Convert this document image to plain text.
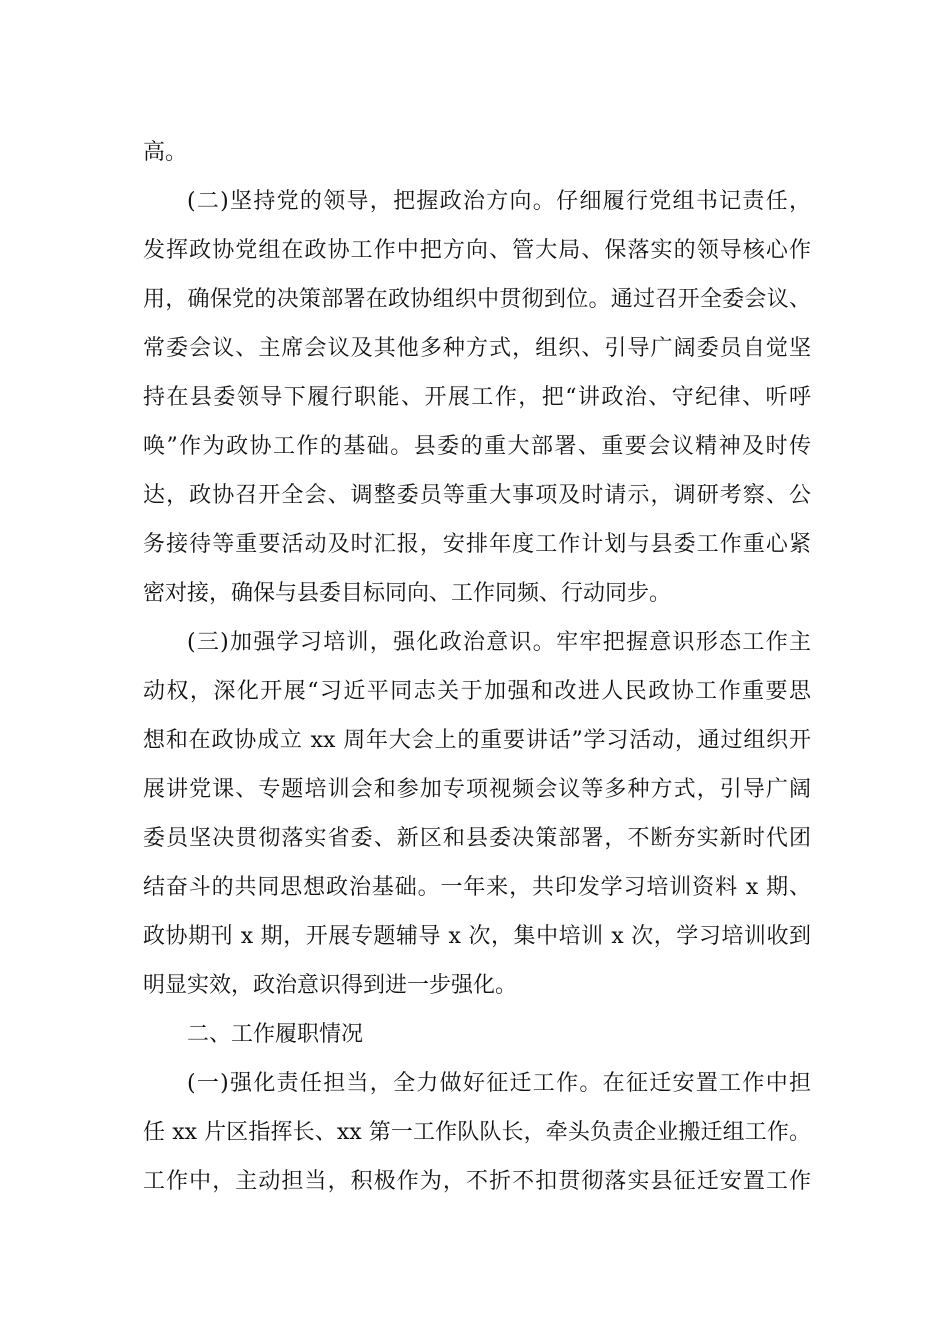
高。
(二)坚持党的领导，把握政治方向。仔细履行党组书记责任，
发挥政协党组在政协工作中把方向、管大局、保落实的领导核心作
用，确保党的决策部署在政协组织中贯彻到位。通过召开全委会议、
常委会议、主席会议及其他多种方式，组织、引导广阔委员自觉坚
持在县委领导下履行职能、开展工作，把“讲政治、守纪律、听呼
唤”作为政协工作的基础。县委的重大部署、重要会议精神及时传
达，政协召开全会、调整委员等重大事项及时请示，调研考察、公
务接待等重要活动及时汇报，安排年度工作计划与县委工作重心紧
密对接，确保与县委目标同向、工作同频、行动同步。
(三)加强学习培训，强化政治意识。牢牢把握意识形态工作主
动权，深化开展“习近平同志关于加强和改进人民政协工作重要思
想和在政协成立 xx 周年大会上的重要讲话”学习活动，通过组织开
展讲党课、专题培训会和参加专项视频会议等多种方式，引导广阔
委员坚决贯彻落实省委、新区和县委决策部署，不断夯实新时代团
结奋斗的共同思想政治基础。一年来，共印发学习培训资料 x 期、
政协期刊 x 期，开展专题辅导 x 次，集中培训 x 次，学习培训收到
明显实效，政治意识得到进一步强化。
二、工作履职情况
(一)强化责任担当，全力做好征迁工作。在征迁安置工作中担
任 xx 片区指挥长、xx 第一工作队队长，牵头负责企业搬迁组工作。
工作中，主动担当，积极作为，不折不扣贯彻落实县征迁安置工作
